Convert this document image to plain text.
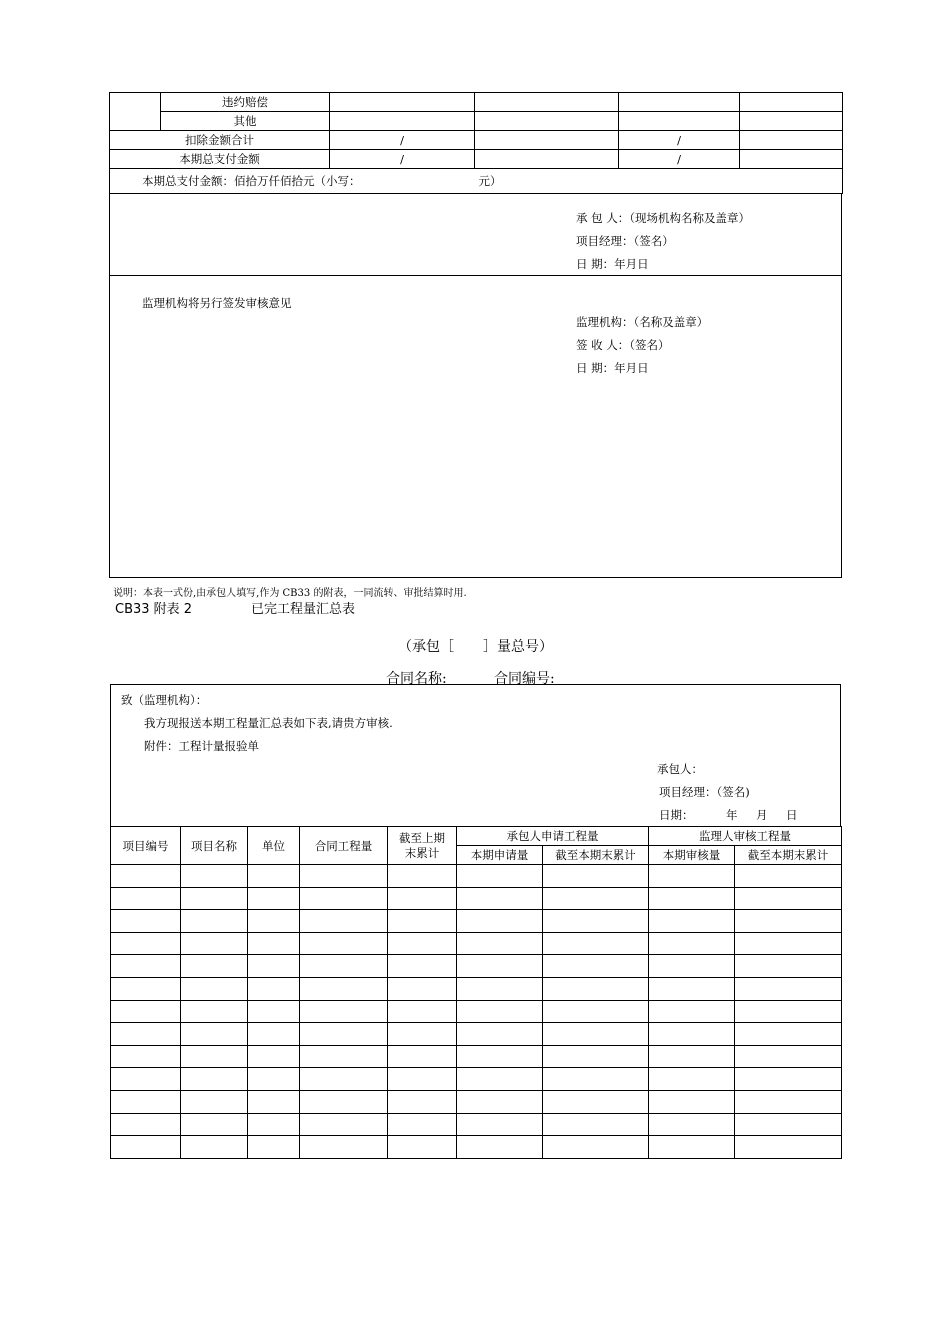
	违约赔偿				
	其他				
扣除金额合计		/		/	
本期总支付金额		/		/	
本期总支付金额：佰拾万仟佰拾元（小写： 元）					
承 包 人：（现场机构名称及盖章）
项目经理：（签名）
日 期：年月日
监理机构将另行签发审核意见
监理机构：（名称及盖章）
签 收 人：（签名）
日 期：年月日
说明：本表一式份,由承包人填写,作为 CB33 的附表，一同流转、审批结算时用.
CB33 附表 2	已完工程量汇总表
（承包［ ］量总号）
合同名称:	合同编号:
致（监理机构）：
我方现报送本期工程量汇总表如下表,请贵方审核.
附件：工程计量报验单
承包人：
项目经理：（签名)
日期：	年 月 日
项目编号	项目名称	单位	合同工程量	截至上期
末累计	承包人申请工程量		监理人审核工程量	
					本期申请量	截至本期末累计	本期审核量	截至本期末累计
